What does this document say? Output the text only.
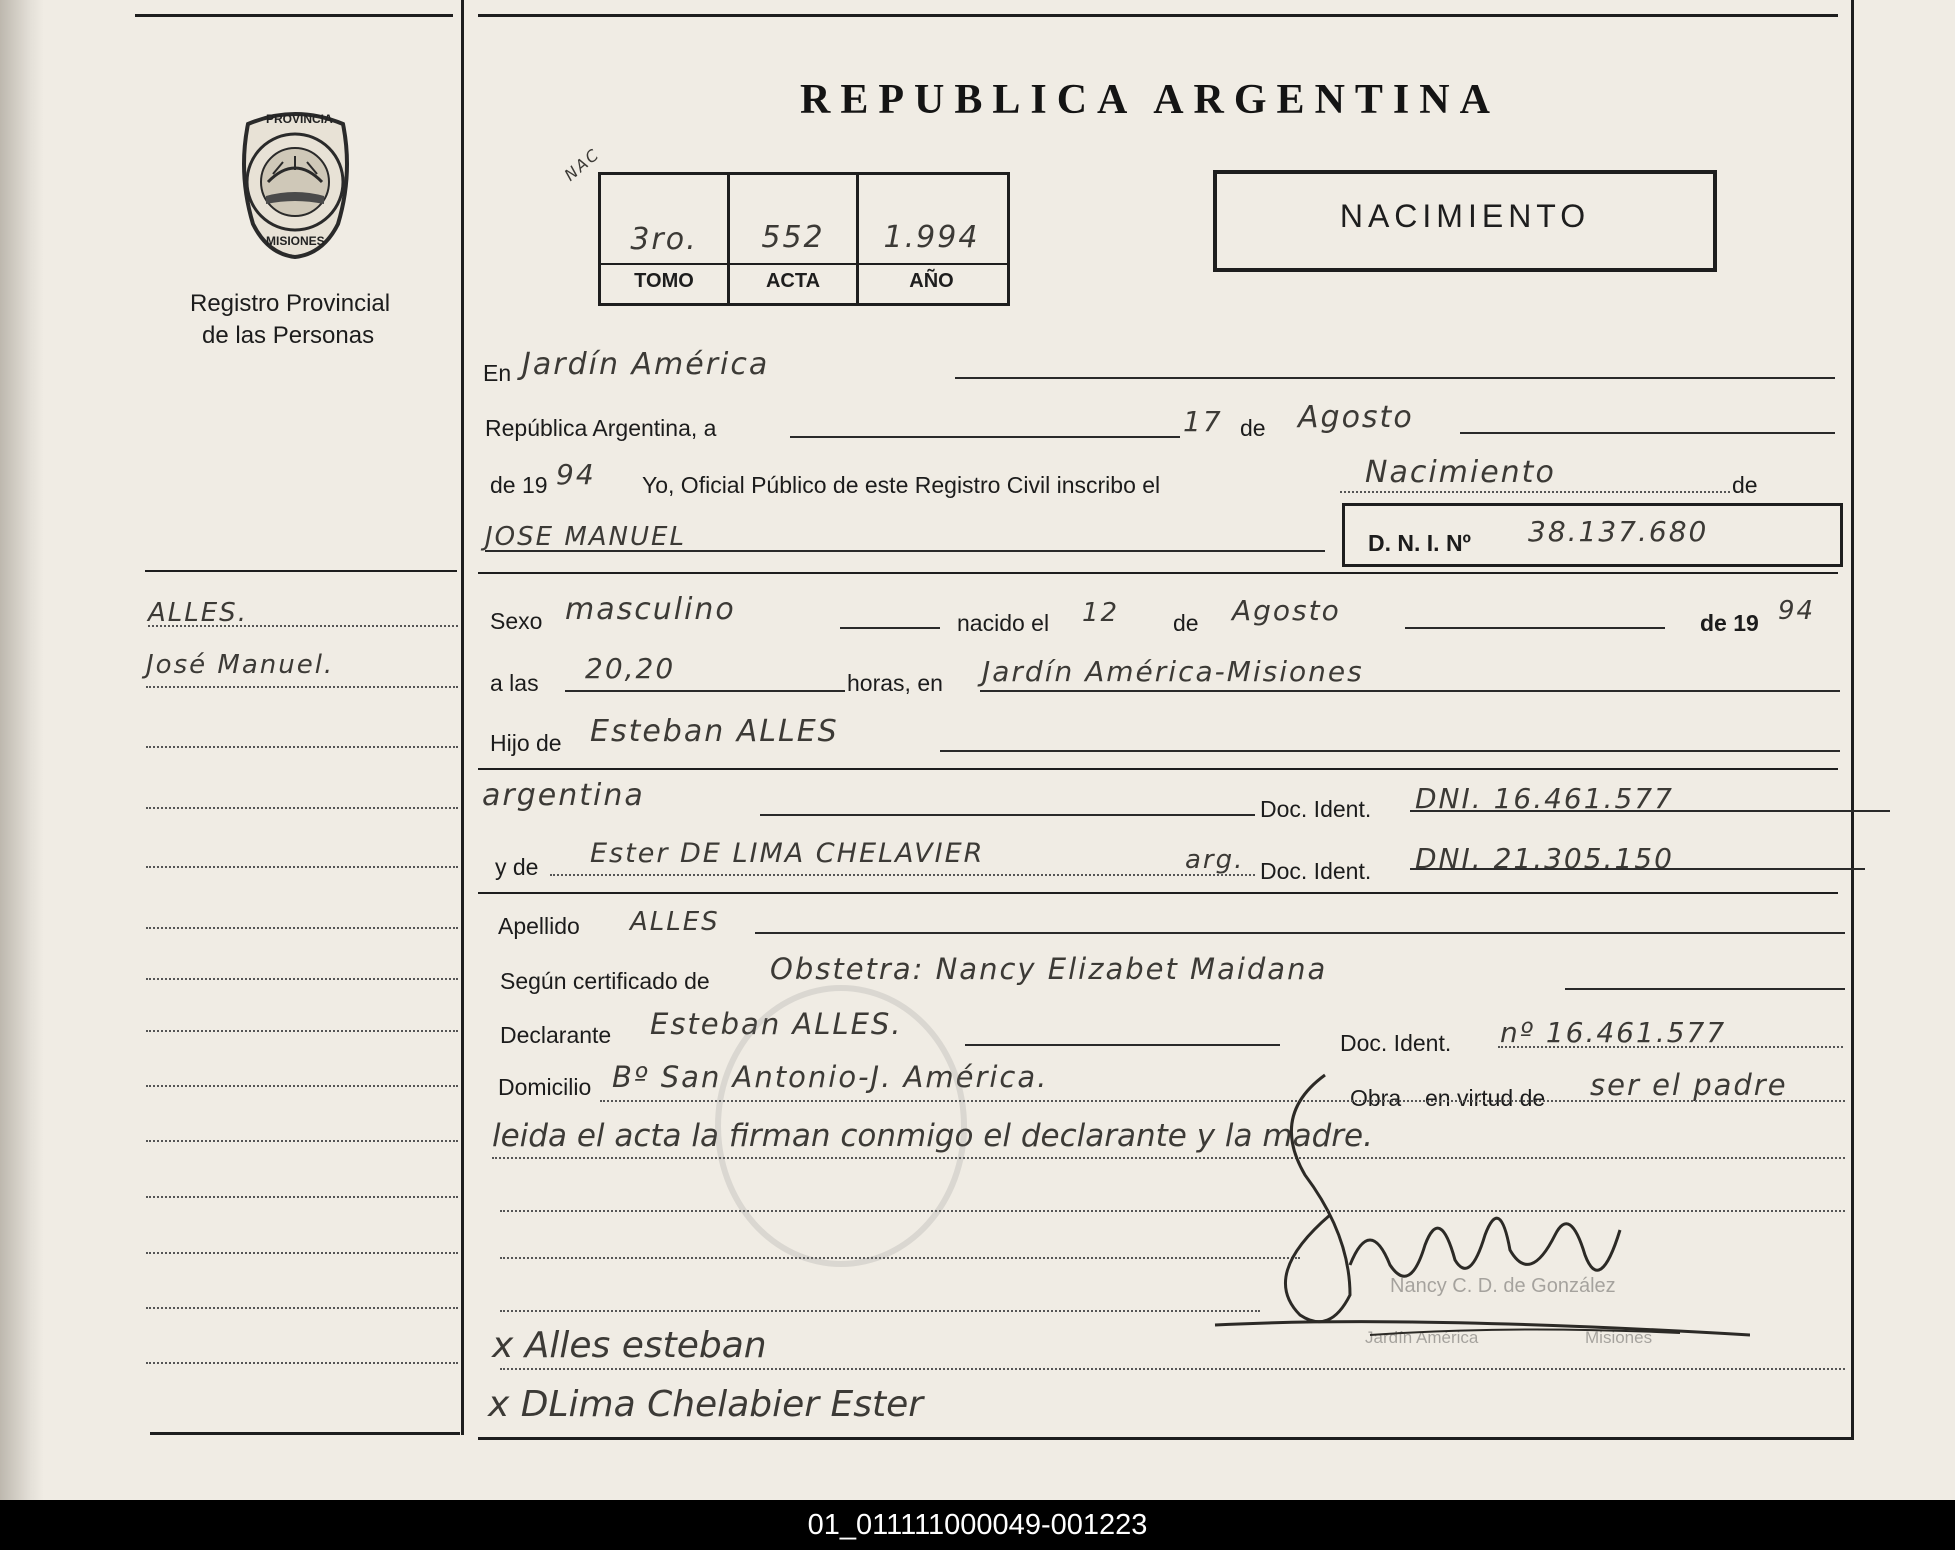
PROVINCIA
MISIONES
Registro Provincial
de las Personas
REPUBLICA ARGENTINA
NAC
3ro.	552	1.994
TOMO	ACTA	AÑO
NACIMIENTO
ALLES.
José Manuel.
En Jardín América
República Argentina, a	17 de Agosto
de 19 94 Yo, Oficial Público de este Registro Civil inscribo el	Nacimiento	de
JOSE MANUEL	D. N. I. Nº 38.137.680
Sexo masculino	nacido el 12 de Agosto	de 19 94
a las 20,20	horas, en Jardín América-Misiones
Hijo de Esteban ALLES
argentina	Doc. Ident. DNI. 16.461.577
y de Ester DE LIMA CHELAVIER	arg. Doc. Ident. DNI. 21.305.150
Apellido ALLES
Según certificado de Obstetra: Nancy Elizabet Maidana
Declarante Esteban ALLES.
Doc. Ident. nº 16.461.577
Domicilio Bº San Antonio-J. América.
Obra en virtud de ser el padre
leida el acta la firman conmigo el declarante y la madre.
Nancy C. D. de González
Jardín América	Misiones
x Alles esteban
x DLima Chelabier Ester
01_011111000049-001223
